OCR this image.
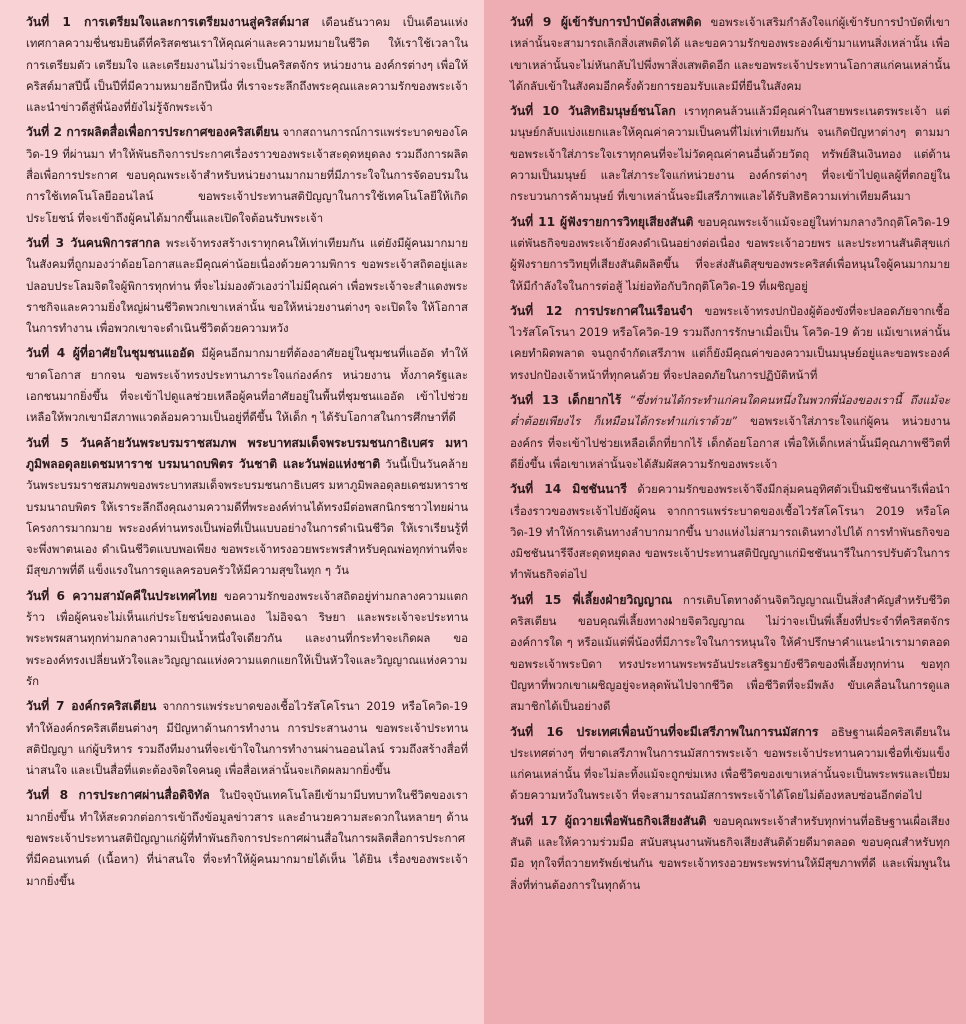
วันที่ 1 การเตรียมใจและการเตรียมงานสู่คริสต์มาส เดือนธันวาคม เป็นเดือนแห่งเทศกาลความชื่นชมยินดีที่คริสตชนเราให้คุณค่าและความหมายในชีวิต ให้เราใช้เวลาในการเตรียมตัว เตรียมใจ และเตรียมงานไม่ว่าจะเป็นคริสตจักร หน่วยงาน องค์กรต่างๆ เพื่อให้คริสต์มาสปีนี้ เป็นปีที่มีความหมายอีกปีหนึ่ง ที่เราจะระลึกถึงพระคุณและความรักของพระเจ้า และนำข่าวดีสู่พี่น้องที่ยังไม่รู้จักพระเจ้า

วันที่ 2 การผลิตสื่อเพื่อการประกาศของคริสเตียน จากสถานการณ์การแพร่ระบาดของโควิด-19 ที่ผ่านมา ทำให้พันธกิจการประกาศเรื่องราวของพระเจ้าสะดุดหยุดลง รวมถึงการผลิตสื่อเพื่อการประกาศ ขอบคุณพระเจ้าสำหรับหน่วยงานมากมายที่มีภาระใจในการจัดอบรมในการใช้เทคโนโลยีออนไลน์ ขอพระเจ้าประทานสติปัญญาในการใช้เทคโนโลยีให้เกิดประโยชน์ ที่จะเข้าถึงผู้คนได้มากขึ้นและเปิดใจต้อนรับพระเจ้า

วันที่ 3 วันคนพิการสากล พระเจ้าทรงสร้างเราทุกคนให้เท่าเทียมกัน แต่ยังมีผู้คนมากมาย ในสังคมที่ถูกมองว่าด้อยโอกาสและมีคุณค่าน้อยเนื่องด้วยความพิการ ขอพระเจ้าสถิตอยู่และปลอบประโลมจิตใจผู้พิการทุกท่าน ที่จะไม่มองตัวเองว่าไม่มีคุณค่า เพื่อพระเจ้าจะสำแดงพระราชกิจและความยิ่งใหญ่ผ่านชีวิตพวกเขาเหล่านั้น ขอให้หน่วยงานต่างๆ จะเปิดใจ ให้โอกาสในการทำงาน เพื่อพวกเขาจะดำเนินชีวิตด้วยความหวัง

วันที่ 4 ผู้ที่อาศัยในชุมชนแออัด มีผู้คนอีกมากมายที่ต้องอาศัยอยู่ในชุมชนที่แออัด ทำให้ขาดโอกาส ยากจน ขอพระเจ้าทรงประทานภาระใจแก่องค์กร หน่วยงาน ทั้งภาครัฐและเอกชนมากยิ่งขึ้น ที่จะเข้าไปดูแลช่วยเหลือผู้คนที่อาศัยอยู่ในพื้นที่ชุมชนแออัด เข้าไปช่วยเหลือให้พวกเขามีสภาพแวดล้อมความเป็นอยู่ที่ดีขึ้น ให้เด็ก ๆ ได้รับโอกาสในการศึกษาที่ดี

วันที่ 5 วันคล้ายวันพระบรมราชสมภพ พระบาทสมเด็จพระบรมชนกาธิเบศร มหาภูมิพลอดุลยเดชมหาราช บรมนาถบพิตร วันชาติ และวันพ่อแห่งชาติ วันนี้เป็นวันคล้ายวันพระบรมราชสมภพของพระบาทสมเด็จพระบรมชนกาธิเบศร มหาภูมิพลอดุลยเดชมหาราช บรมนาถบพิตร ให้เราระลึกถึงคุณงามความดีที่พระองค์ท่านได้ทรงมีต่อพสกนิกรชาวไทยผ่านโครงการมากมาย พระองค์ท่านทรงเป็นพ่อที่เป็นแบบอย่างในการดำเนินชีวิต ให้เราเรียนรู้ที่จะพึ่งพาตนเอง ดำเนินชีวิตแบบพอเพียง ขอพระเจ้าทรงอวยพระพรสำหรับคุณพ่อทุกท่านที่จะมีสุขภาพที่ดี แข็งแรงในการดูแลครอบครัวให้มีความสุขในทุก ๆ วัน

วันที่ 6 ความสามัคคีในประเทศไทย ขอความรักของพระเจ้าสถิตอยู่ท่ามกลางความแตกร้าว เพื่อผู้คนจะไม่เห็นแก่ประโยชน์ของตนเอง ไม่อิจฉา ริษยา และพระเจ้าจะประทานพระพรผสานทุกท่ามกลางความเป็นน้ำหนึ่งใจเดียวกัน และงานที่กระทำจะเกิดผล ขอพระองค์ทรงเปลี่ยนหัวใจและวิญญาณแห่งความแตกแยกให้เป็นหัวใจและวิญญาณแห่งความรัก

วันที่ 7 องค์กรคริสเตียน จากการแพร่ระบาดของเชื้อไวรัสโคโรนา 2019 หรือโควิด-19 ทำให้องค์กรคริสเตียนต่างๆ มีปัญหาด้านการทำงาน การประสานงาน ขอพระเจ้าประทานสติปัญญา แก่ผู้บริหาร รวมถึงทีมงานที่จะเข้าใจในการทำงานผ่านออนไลน์ รวมถึงสร้างสื่อที่น่าสนใจ และเป็นสื่อที่แตะต้องจิตใจคนดู เพื่อสื่อเหล่านั้นจะเกิดผลมากยิ่งขึ้น

วันที่ 8 การประกาศผ่านสื่อดิจิทัล ในปัจจุบันเทคโนโลยีเข้ามามีบทบาทในชีวิตของเรามากยิ่งขึ้น ทำให้สะดวกต่อการเข้าถึงข้อมูลข่าวสาร และอำนวยความสะดวกในหลายๆ ด้าน ขอพระเจ้าประทานสติปัญญาแก่ผู้ที่ทำพันธกิจการประกาศผ่านสื่อในการผลิตสื่อการประกาศที่มีคอนเทนต์ (เนื้อหา) ที่น่าสนใจ ที่จะทำให้ผู้คนมากมายได้เห็น ได้ยิน เรื่องของพระเจ้ามากยิ่งขึ้น

วันที่ 9 ผู้เข้ารับการบำบัดสิ่งเสพติด ขอพระเจ้าเสริมกำลังใจแก่ผู้เข้ารับการบำบัดที่เขาเหล่านั้นจะสามารถเลิกสิ่งเสพติดได้ และขอความรักของพระองค์เข้ามาแทนสิ่งเหล่านั้น เพื่อเขาเหล่านั้นจะไม่หันกลับไปพึ่งพาสิ่งเสพติดอีก และขอพระเจ้าประทานโอกาสแก่คนเหล่านั้นได้กลับเข้าในสังคมอีกครั้งด้วยการยอมรับและมีที่ยืนในสังคม

วันที่ 10 วันสิทธิมนุษย์ชนโลก เราทุกคนล้วนแล้วมีคุณค่าในสายพระเนตรพระเจ้า แต่มนุษย์กลับแบ่งแยกและให้คุณค่าความเป็นคนที่ไม่เท่าเทียมกัน จนเกิดปัญหาต่างๆ ตามมา ขอพระเจ้าใส่ภาระใจเราทุกคนที่จะไม่วัดคุณค่าคนอื่นด้วยวัตถุ ทรัพย์สินเงินทอง แต่ด้านความเป็นมนุษย์ และใส่ภาระใจแก่หน่วยงาน องค์กรต่างๆ ที่จะเข้าไปดูแลผู้ที่ตกอยู่ในกระบวนการค้ามนุษย์ ที่เขาเหล่านั้นจะมีเสรีภาพและได้รับสิทธิความเท่าเทียมคืนมา

วันที่ 11 ผู้ฟังรายการวิทยุเสียงสันติ ขอบคุณพระเจ้าแม้จะอยู่ในท่ามกลางวิกฤติโควิด-19 แต่พันธกิจของพระเจ้ายังคงดำเนินอย่างต่อเนื่อง ขอพระเจ้าอวยพร และประทานสันติสุขแก่ผู้ฟังรายการวิทยุที่เสียงสันติผลิตขึ้น ที่จะส่งสันติสุขของพระคริสต์เพื่อหนุนใจผู้คนมากมายให้มีกำลังใจในการต่อสู้ ไม่ย่อท้อกับวิกฤติโควิด-19 ที่เผชิญอยู่

วันที่ 12 การประกาศในเรือนจำ ขอพระเจ้าทรงปกป้องผู้ต้องขังที่จะปลอดภัยจากเชื้อไวรัสโคโรนา 2019 หรือโควิด-19 รวมถึงการรักษาเมื่อเป็น โควิด-19 ด้วย แม้เขาเหล่านั้นเคยทำผิดพลาด จนถูกจำกัดเสรีภาพ แต่ก็ยังมีคุณค่าของความเป็นมนุษย์อยู่และขอพระองค์ทรงปกป้องเจ้าหน้าที่ทุกคนด้วย ที่จะปลอดภัยในการปฏิบัติหน้าที่

วันที่ 13 เด็กยากไร้ “ซึ่งท่านได้กระทำแก่คนใดคนหนึ่งในพวกพี่น้องของเรานี้ ถึงแม้จะต่ำต้อยเพียงไร ก็เหมือนได้กระทำแก่เราด้วย” ขอพระเจ้าใส่ภาระใจแก่ผู้คน หน่วยงาน องค์กร ที่จะเข้าไปช่วยเหลือเด็กที่ยากไร้ เด็กด้อยโอกาส เพื่อให้เด็กเหล่านั้นมีคุณภาพชีวิตที่ดียิ่งขึ้น เพื่อเขาเหล่านั้นจะได้สัมผัสความรักของพระเจ้า

วันที่ 14 มิชชันนารี ด้วยความรักของพระเจ้าจึงมีกลุ่มคนอุทิศตัวเป็นมิชชันนารีเพื่อนำเรื่องราวของพระเจ้าไปยังผู้คน จากการแพร่ระบาดของเชื้อไวรัสโคโรนา 2019 หรือโควิด-19 ทำให้การเดินทางลำบากมากขึ้น บางแห่งไม่สามารถเดินทางไปได้ การทำพันธกิจของมิชชันนารีจึงสะดุดหยุดลง ขอพระเจ้าประทานสติปัญญาแก่มิชชันนารีในการปรับตัวในการทำพันธกิจต่อไป

วันที่ 15 พี่เลี้ยงฝ่ายวิญญาณ การเติบโตทางด้านจิตวิญญาณเป็นสิ่งสำคัญสำหรับชีวิตคริสเตียน ขอบคุณพี่เลี้ยงทางฝ่ายจิตวิญญาณ ไม่ว่าจะเป็นพี่เลี้ยงที่ประจำที่คริสตจักร องค์การใด ๆ หรือแม้แต่พี่น้องที่มีภาระใจในการหนุนใจ ให้คำปรึกษาคำแนะนำเรามาตลอด ขอพระเจ้าพระบิดา ทรงประทานพระพรอันประเสริฐมายังชีวิตของพี่เลี้ยงทุกท่าน ขอทุกปัญหาที่พวกเขาเผชิญอยู่จะหลุดพ้นไปจากชีวิต เพื่อชีวิตที่จะมีพลัง ขับเคลื่อนในการดูแลสมาชิกได้เป็นอย่างดี

วันที่ 16 ประเทศเพื่อนบ้านที่จะมีเสรีภาพในการนมัสการ อธิษฐานเผื่อคริสเตียนในประเทศต่างๆ ที่ขาดเสรีภาพในการนมัสการพระเจ้า ขอพระเจ้าประทานความเชื่อที่เข้มแข็งแก่คนเหล่านั้น ที่จะไม่ละทิ้งแม้จะถูกข่มเหง เพื่อชีวิตของเขาเหล่านั้นจะเป็นพระพรและเปี่ยมด้วยความหวังในพระเจ้า ที่จะสามารถนมัสการพระเจ้าได้โดยไม่ต้องหลบซ่อนอีกต่อไป

วันที่ 17 ผู้ถวายเพื่อพันธกิจเสียงสันติ ขอบคุณพระเจ้าสำหรับทุกท่านที่อธิษฐานเผื่อเสียงสันติ และให้ความร่วมมือ สนับสนุนงานพันธกิจเสียงสันติด้วยดีมาตลอด ขอบคุณสำหรับทุกมือ ทุกใจที่ถวายทรัพย์เช่นกัน ขอพระเจ้าทรงอวยพระพรท่านให้มีสุขภาพที่ดี และเพิ่มพูนในสิ่งที่ท่านต้องการในทุกด้าน
